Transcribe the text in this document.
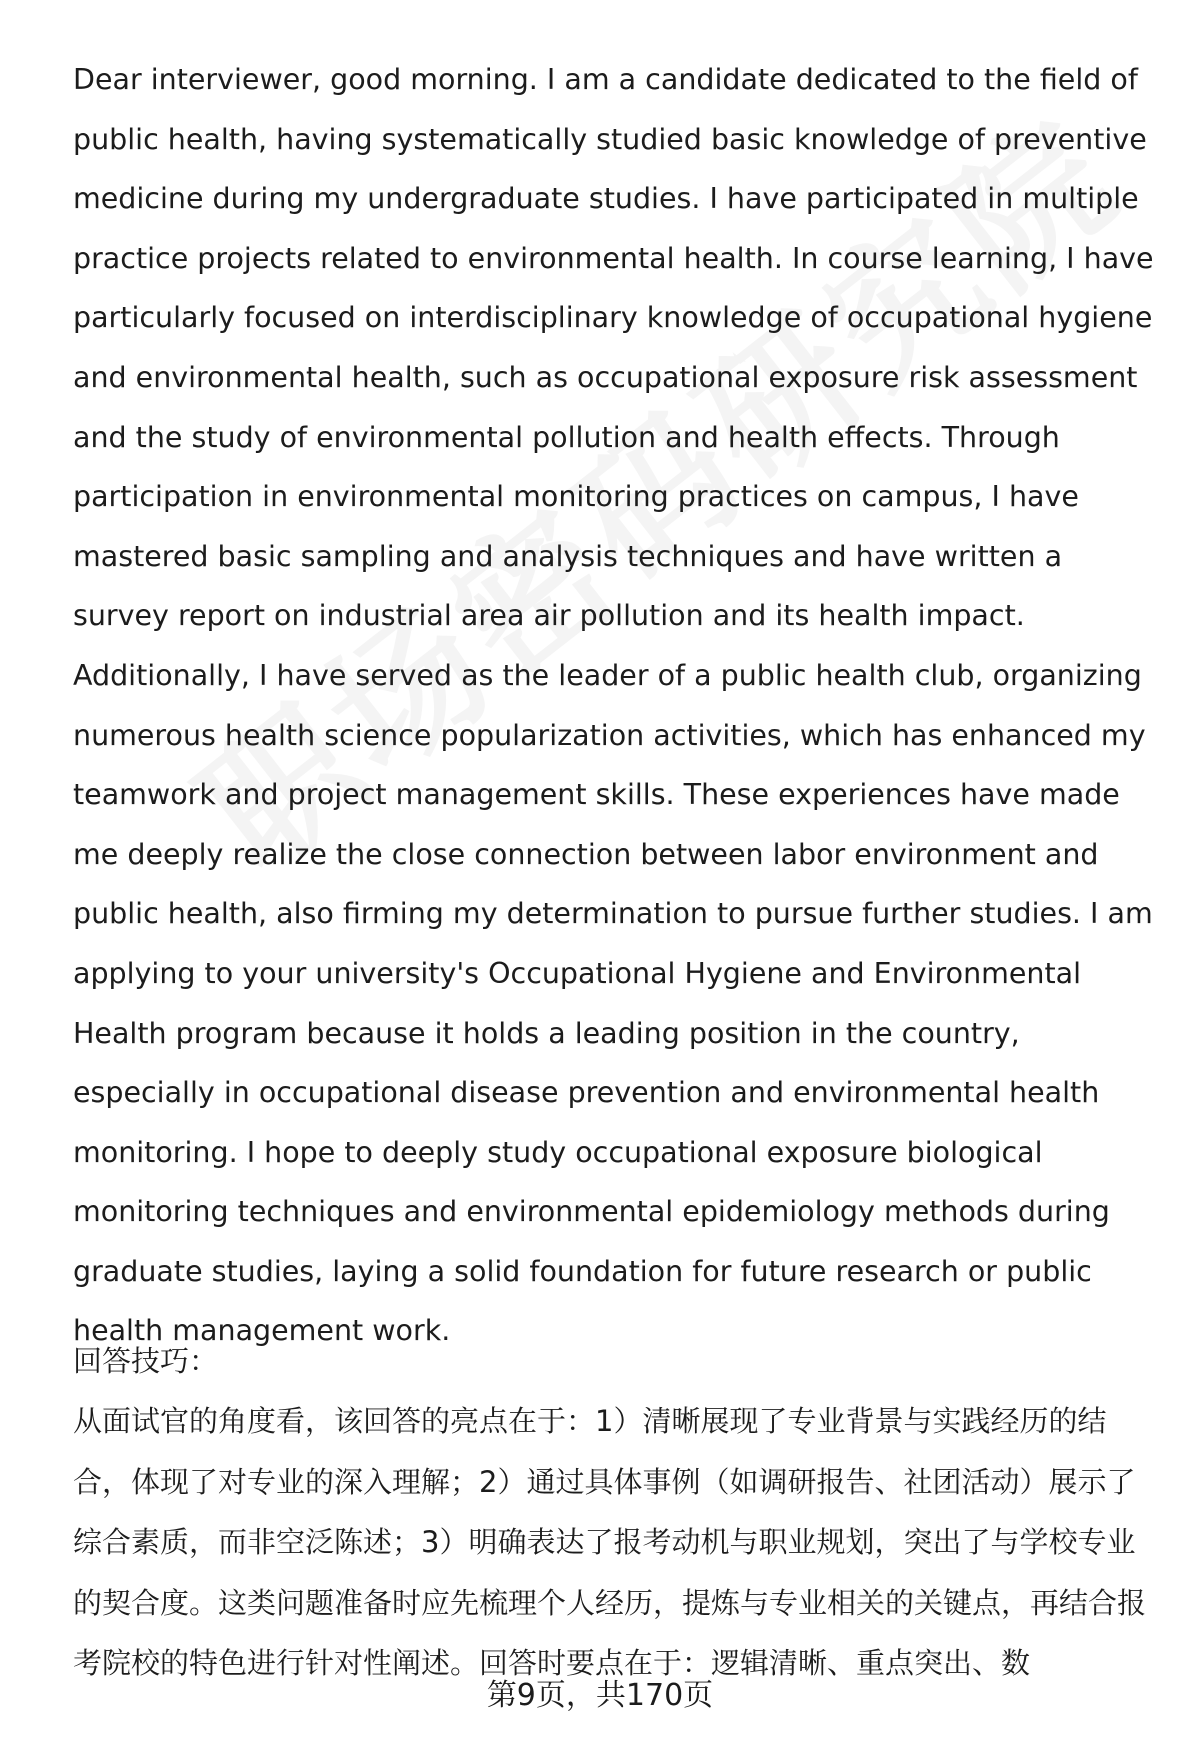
Dear interviewer, good morning. I am a candidate dedicated to the field of public health, having systematically studied basic knowledge of preventive medicine during my undergraduate studies. I have participated in multiple practice projects related to environmental health. In course learning, I have particularly focused on interdisciplinary knowledge of occupational hygiene and environmental health, such as occupational exposure risk assessment and the study of environmental pollution and health effects. Through participation in environmental monitoring practices on campus, I have mastered basic sampling and analysis techniques and have written a survey report on industrial area air pollution and its health impact. Additionally, I have served as the leader of a public health club, organizing numerous health science popularization activities, which has enhanced my teamwork and project management skills. These experiences have made me deeply realize the close connection between labor environment and public health, also firming my determination to pursue further studies. I am applying to your university's Occupational Hygiene and Environmental Health program because it holds a leading position in the country, especially in occupational disease prevention and environmental health monitoring. I hope to deeply study occupational exposure biological monitoring techniques and environmental epidemiology methods during graduate studies, laying a solid foundation for future research or public health management work.

回答技巧：

从面试官的角度看，该回答的亮点在于：1）清晰展现了专业背景与实践经历的结合，体现了对专业的深入理解；2）通过具体事例（如调研报告、社团活动）展示了综合素质，而非空泛陈述；3）明确表达了报考动机与职业规划，突出了与学校专业的契合度。这类问题准备时应先梳理个人经历，提炼与专业相关的关键点，再结合报考院校的特色进行针对性阐述。回答时要点在于：逻辑清晰、重点突出、数

第9页，共170页
